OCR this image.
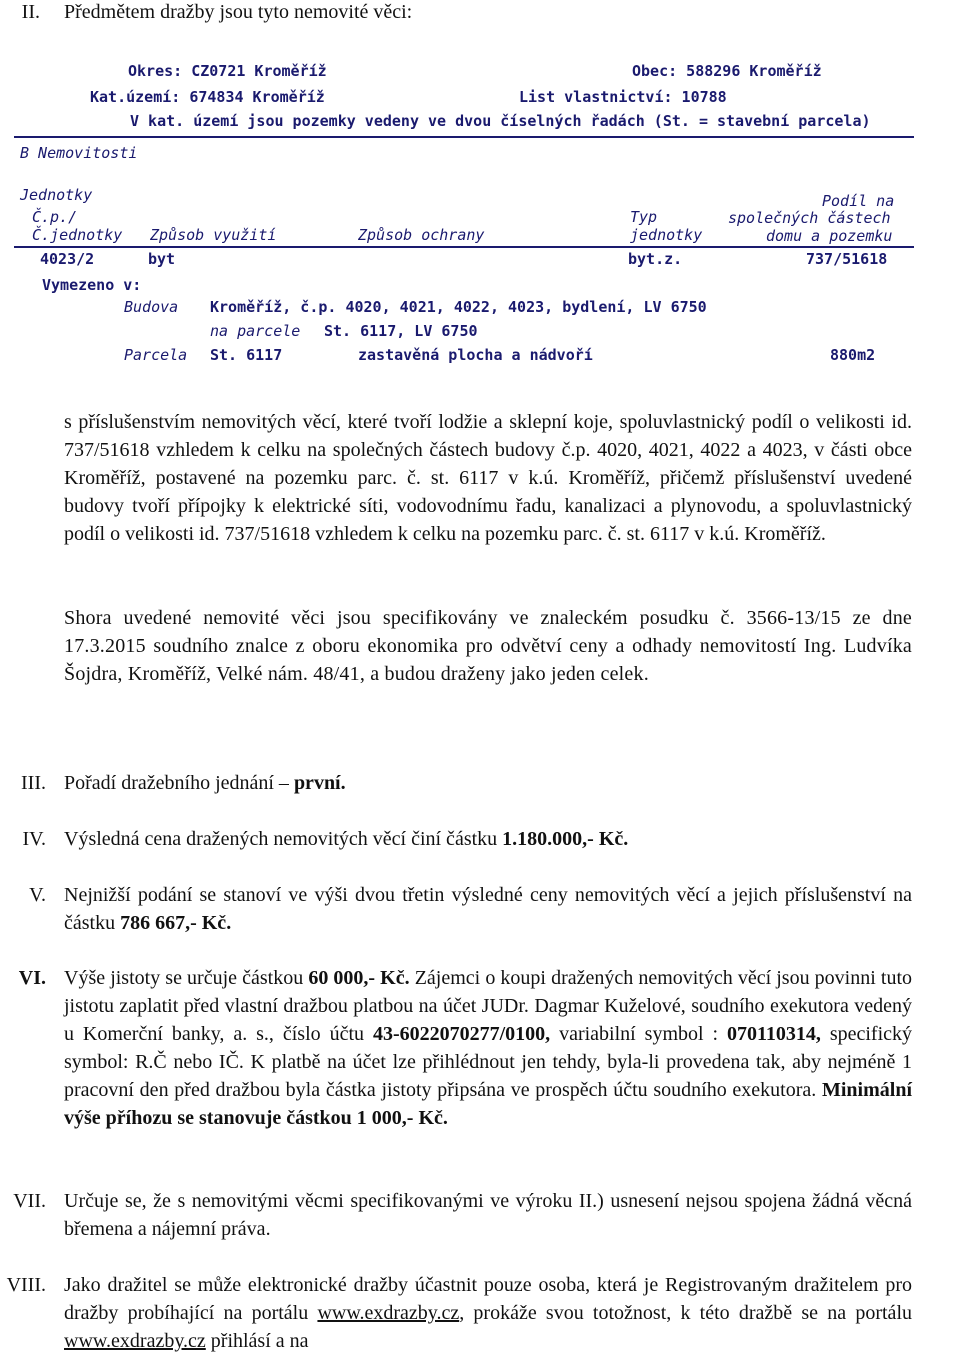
II. Předmětem dražby jsou tyto nemovité věci:
Okres: CZ0721 Kroměříž	Obec: 588296 Kroměříž
Kat.území: 674834 Kroměříž	List vlastnictví: 10788
V kat. území jsou pozemky vedeny ve dvou číselných řadách (St. = stavební parcela)
B Nemovitosti
Jednotky
Č.p./
Č.jednotky Způsob využití	Způsob ochrany
Typ
jednotky
Podíl na
společných částech
domu a pozemku
4023/2	byt	byt.z.	737/51618
Vymezeno v:
Budova Kroměříž, č.p. 4020, 4021, 4022, 4023, bydlení, LV 6750
na parcele St. 6117, LV 6750
Parcela St. 6117	zastavěná plocha a nádvoří	880m2
s příslušenstvím nemovitých věcí, které tvoří lodžie a sklepní koje, spoluvlastnický podíl o velikosti id. 737/51618 vzhledem k celku na společných částech budovy č.p. 4020, 4021, 4022 a 4023, v části obce Kroměříž, postavené na pozemku parc. č. st. 6117 v k.ú. Kroměříž, přičemž příslušenství uvedené budovy tvoří přípojky k elektrické síti, vodovodnímu řadu, kanalizaci a plynovodu, a spoluvlastnický podíl o velikosti id. 737/51618 vzhledem k celku na pozemku parc. č. st. 6117 v k.ú. Kroměříž.
Shora uvedené nemovité věci jsou specifikovány ve znaleckém posudku č. 3566-13/15 ze dne 17.3.2015 soudního znalce z oboru ekonomika pro odvětví ceny a odhady nemovitostí Ing. Ludvíka Šojdra, Kroměříž, Velké nám. 48/41, a budou draženy jako jeden celek.
III. Pořadí dražebního jednání – první.
IV. Výsledná cena dražených nemovitých věcí činí částku 1.180.000,- Kč.
V. Nejnižší podání se stanoví ve výši dvou třetin výsledné ceny nemovitých věcí a jejich příslušenství na částku 786 667,- Kč.
VI. Výše jistoty se určuje částkou 60 000,- Kč. Zájemci o koupi dražených nemovitých věcí jsou povinni tuto jistotu zaplatit před vlastní dražbou platbou na účet JUDr. Dagmar Kuželové, soudního exekutora vedený u Komerční banky, a. s., číslo účtu 43-6022070277/0100, variabilní symbol : 070110314, specifický symbol: R.Č nebo IČ. K platbě na účet lze přihlédnout jen tehdy, byla-li provedena tak, aby nejméně 1 pracovní den před dražbou byla částka jistoty připsána ve prospěch účtu soudního exekutora. Minimální výše příhozu se stanovuje částkou 1 000,- Kč.
VII. Určuje se, že s nemovitými věcmi specifikovanými ve výroku II.) usnesení nejsou spojena žádná věcná břemena a nájemní práva.
VIII. Jako dražitel se může elektronické dražby účastnit pouze osoba, která je Registrovaným dražitelem pro dražby probíhající na portálu www.exdrazby.cz, prokáže svou totožnost, k této dražbě se na portálu www.exdrazby.cz přihlásí a na
